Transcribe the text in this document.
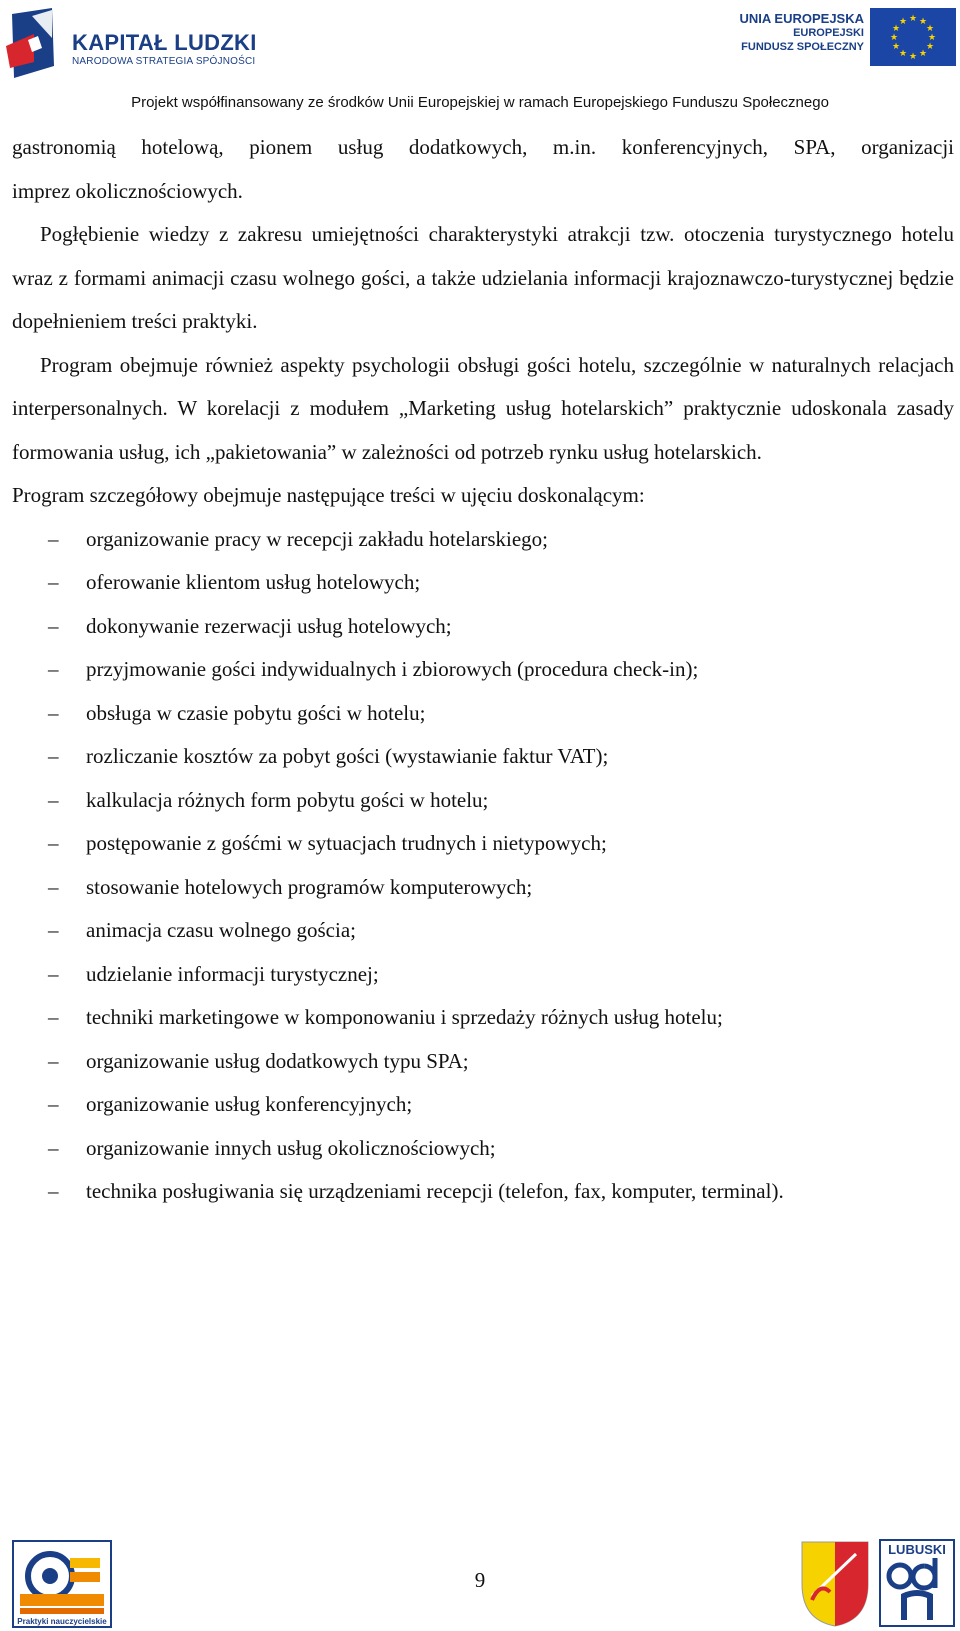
KAPITAŁ LUDZKI
NARODOWA STRATEGIA SPÓJNOŚCI
UNIA EUROPEJSKA
EUROPEJSKI
FUNDUSZ SPOŁECZNY
★ ★
★
★
★
★
★
★
★
★
★
★
Projekt współfinansowany ze środków Unii Europejskiej w ramach Europejskiego Funduszu Społecznego

gastronomią hotelową, pionem usług dodatkowych, m.in. konferencyjnych, SPA, organizacji

imprez okolicznościowych.

Pogłębienie wiedzy z zakresu umiejętności charakterystyki atrakcji tzw. otoczenia turystycznego hotelu wraz z formami animacji czasu wolnego gości, a także udzielania informacji krajoznawczo-turystycznej będzie dopełnieniem treści praktyki.

Program obejmuje również aspekty psychologii obsługi gości hotelu, szczególnie w naturalnych relacjach interpersonalnych. W korelacji z modułem „Marketing usług hotelarskich” praktycznie udoskonala zasady formowania usług, ich „pakietowania” w zależności od potrzeb rynku usług hotelarskich.

Program szczegółowy obejmuje następujące treści w ujęciu doskonalącym:

– organizowanie pracy w recepcji zakładu hotelarskiego;
– oferowanie klientom usług hotelowych;
– dokonywanie rezerwacji usług hotelowych;
– przyjmowanie gości indywidualnych i zbiorowych (procedura check-in);
– obsługa w czasie pobytu gości w hotelu;
– rozliczanie kosztów za pobyt gości (wystawianie faktur VAT);
– kalkulacja różnych form pobytu gości w hotelu;
– postępowanie z gośćmi w sytuacjach trudnych i nietypowych;
– stosowanie hotelowych programów komputerowych;
– animacja czasu wolnego gościa;
– udzielanie informacji turystycznej;
– techniki marketingowe w komponowaniu i sprzedaży różnych usług hotelu;
– organizowanie usług dodatkowych typu SPA;
– organizowanie usług konferencyjnych;
– organizowanie innych usług okolicznościowych;
– technika posługiwania się urządzeniami recepcji (telefon, fax, komputer, terminal).
Praktyki nauczycielskie
9
LUBUSKI
